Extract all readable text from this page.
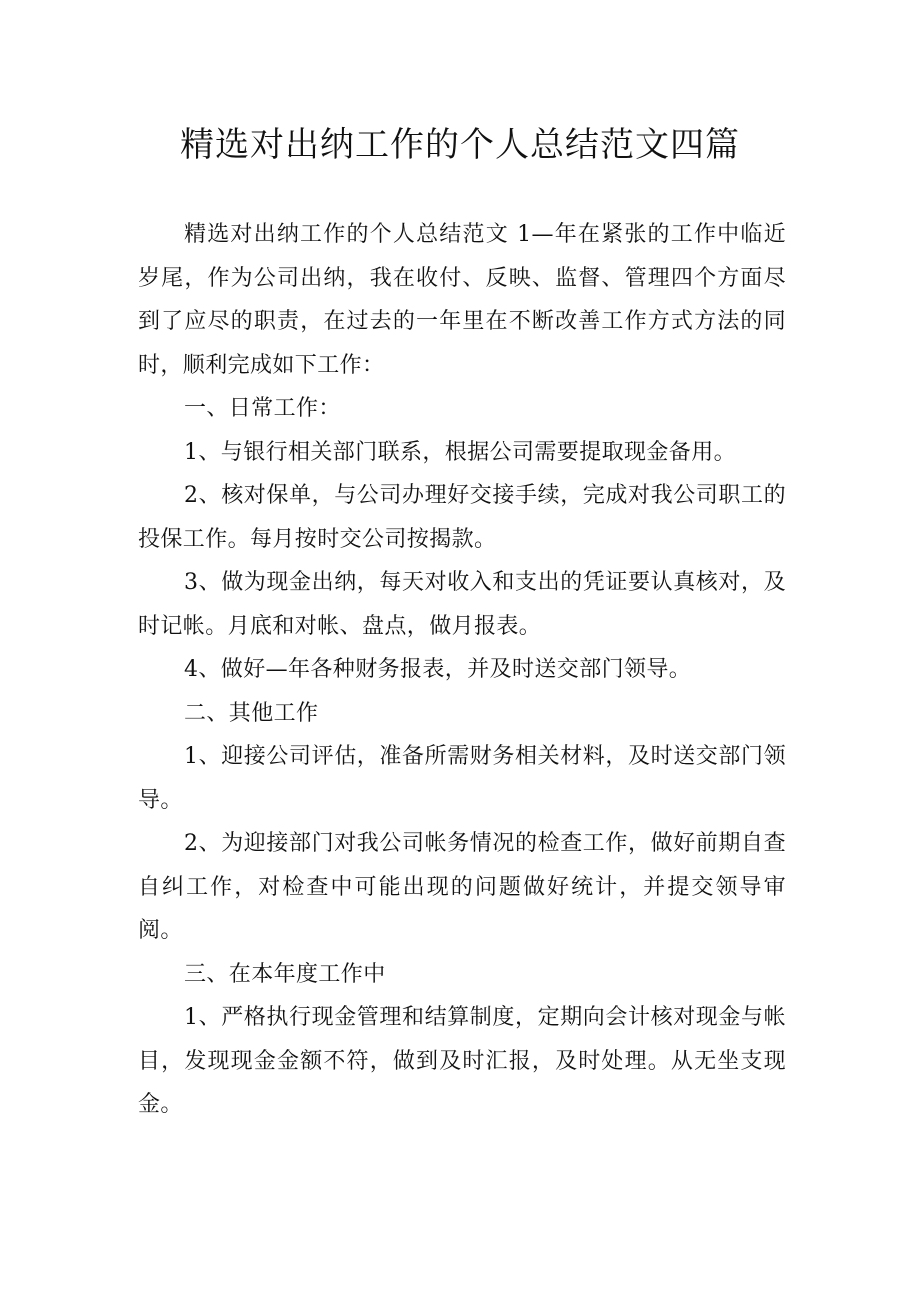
精选对出纳工作的个人总结范文四篇

精选对出纳工作的个人总结范文 1—年在紧张的工作中临近岁尾，作为公司出纳，我在收付、反映、监督、管理四个方面尽到了应尽的职责，在过去的一年里在不断改善工作方式方法的同时，顺利完成如下工作：

一、日常工作：

1、与银行相关部门联系，根据公司需要提取现金备用。

2、核对保单，与公司办理好交接手续，完成对我公司职工的投保工作。每月按时交公司按揭款。

3、做为现金出纳，每天对收入和支出的凭证要认真核对，及时记帐。月底和对帐、盘点，做月报表。

4、做好—年各种财务报表，并及时送交部门领导。

二、其他工作

1、迎接公司评估，准备所需财务相关材料，及时送交部门领导。

2、为迎接部门对我公司帐务情况的检查工作，做好前期自查自纠工作，对检查中可能出现的问题做好统计，并提交领导审阅。

三、在本年度工作中

1、严格执行现金管理和结算制度，定期向会计核对现金与帐目，发现现金金额不符，做到及时汇报，及时处理。从无坐支现金。
